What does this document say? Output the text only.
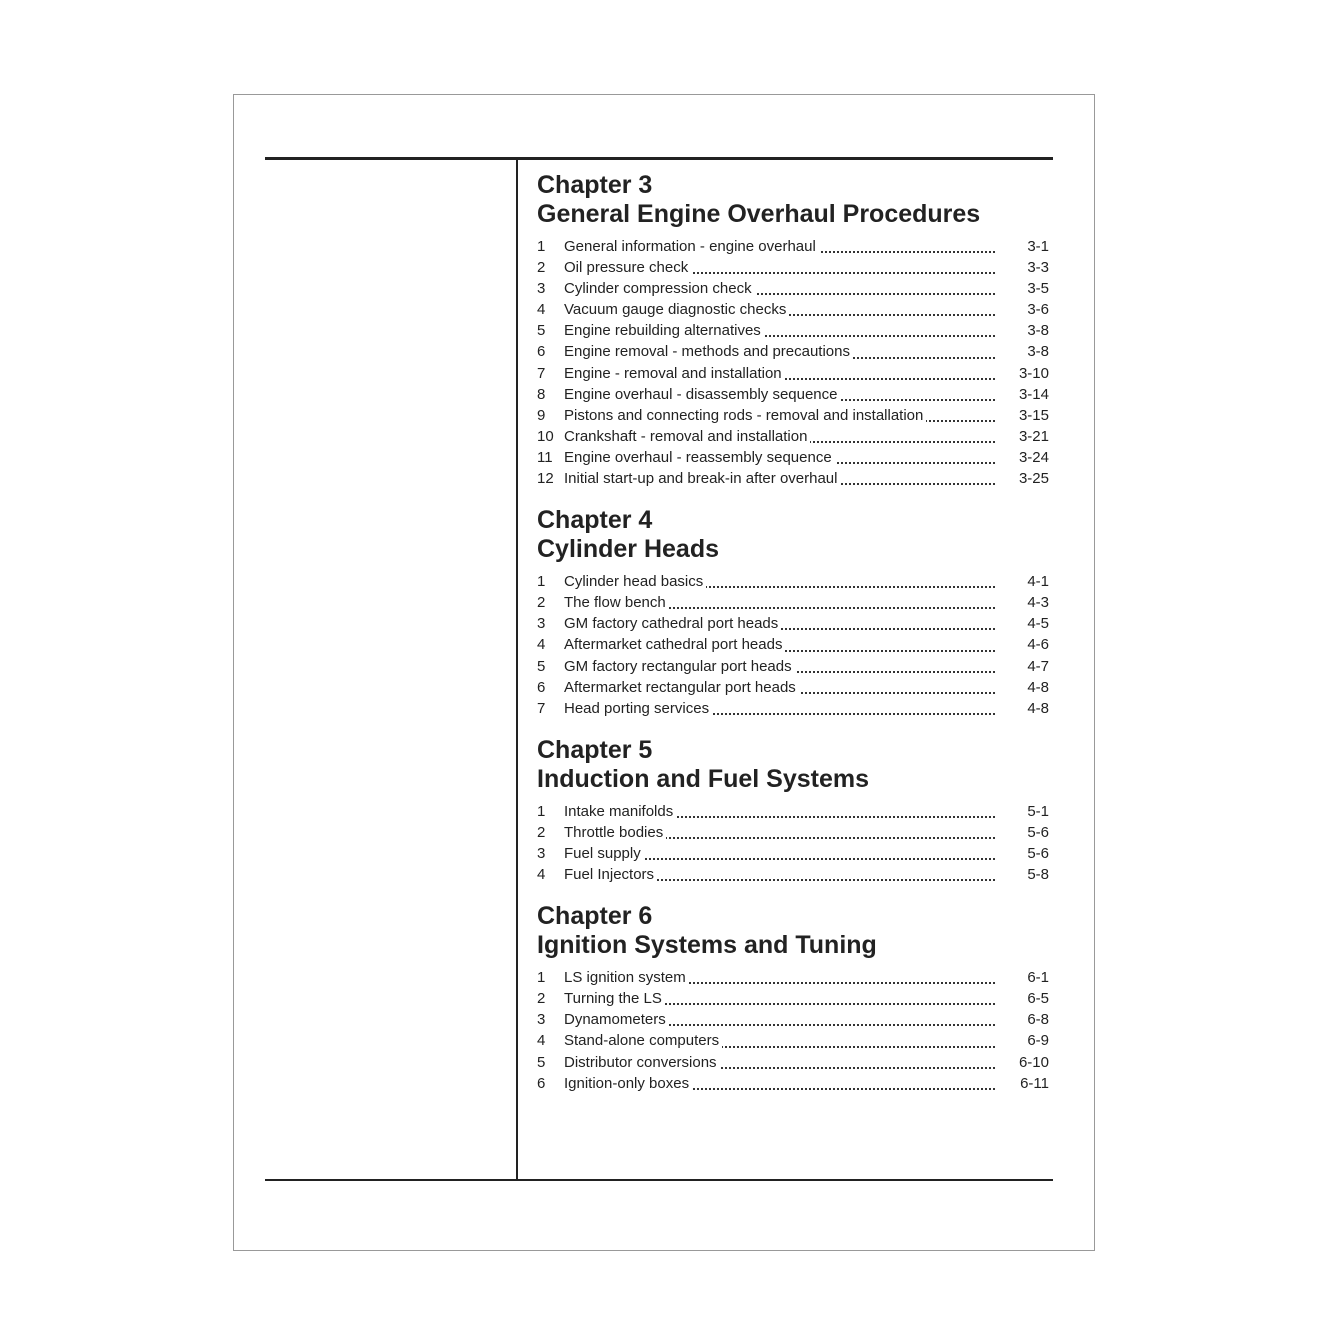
Chapter 3
General Engine Overhaul Procedures
1 General information - engine overhaul	3-1
2 Oil pressure check	3-3
3 Cylinder compression check	3-5
4 Vacuum gauge diagnostic checks	3-6
5 Engine rebuilding alternatives	3-8
6 Engine removal - methods and precautions	3-8
7 Engine - removal and installation	3-10
8 Engine overhaul - disassembly sequence	3-14
9 Pistons and connecting rods - removal and installation	3-15
10 Crankshaft - removal and installation	3-21
11 Engine overhaul - reassembly sequence	3-24
12 Initial start-up and break-in after overhaul	3-25
Chapter 4
Cylinder Heads
1 Cylinder head basics	4-1
2 The flow bench	4-3
3 GM factory cathedral port heads	4-5
4 Aftermarket cathedral port heads	4-6
5 GM factory rectangular port heads	4-7
6 Aftermarket rectangular port heads	4-8
7 Head porting services	4-8
Chapter 5
Induction and Fuel Systems
1 Intake manifolds	5-1
2 Throttle bodies	5-6
3 Fuel supply	5-6
4 Fuel Injectors	5-8
Chapter 6
Ignition Systems and Tuning
1 LS ignition system	6-1
2 Turning the LS	6-5
3 Dynamometers	6-8
4 Stand-alone computers	6-9
5 Distributor conversions	6-10
6 Ignition-only boxes	6-11
